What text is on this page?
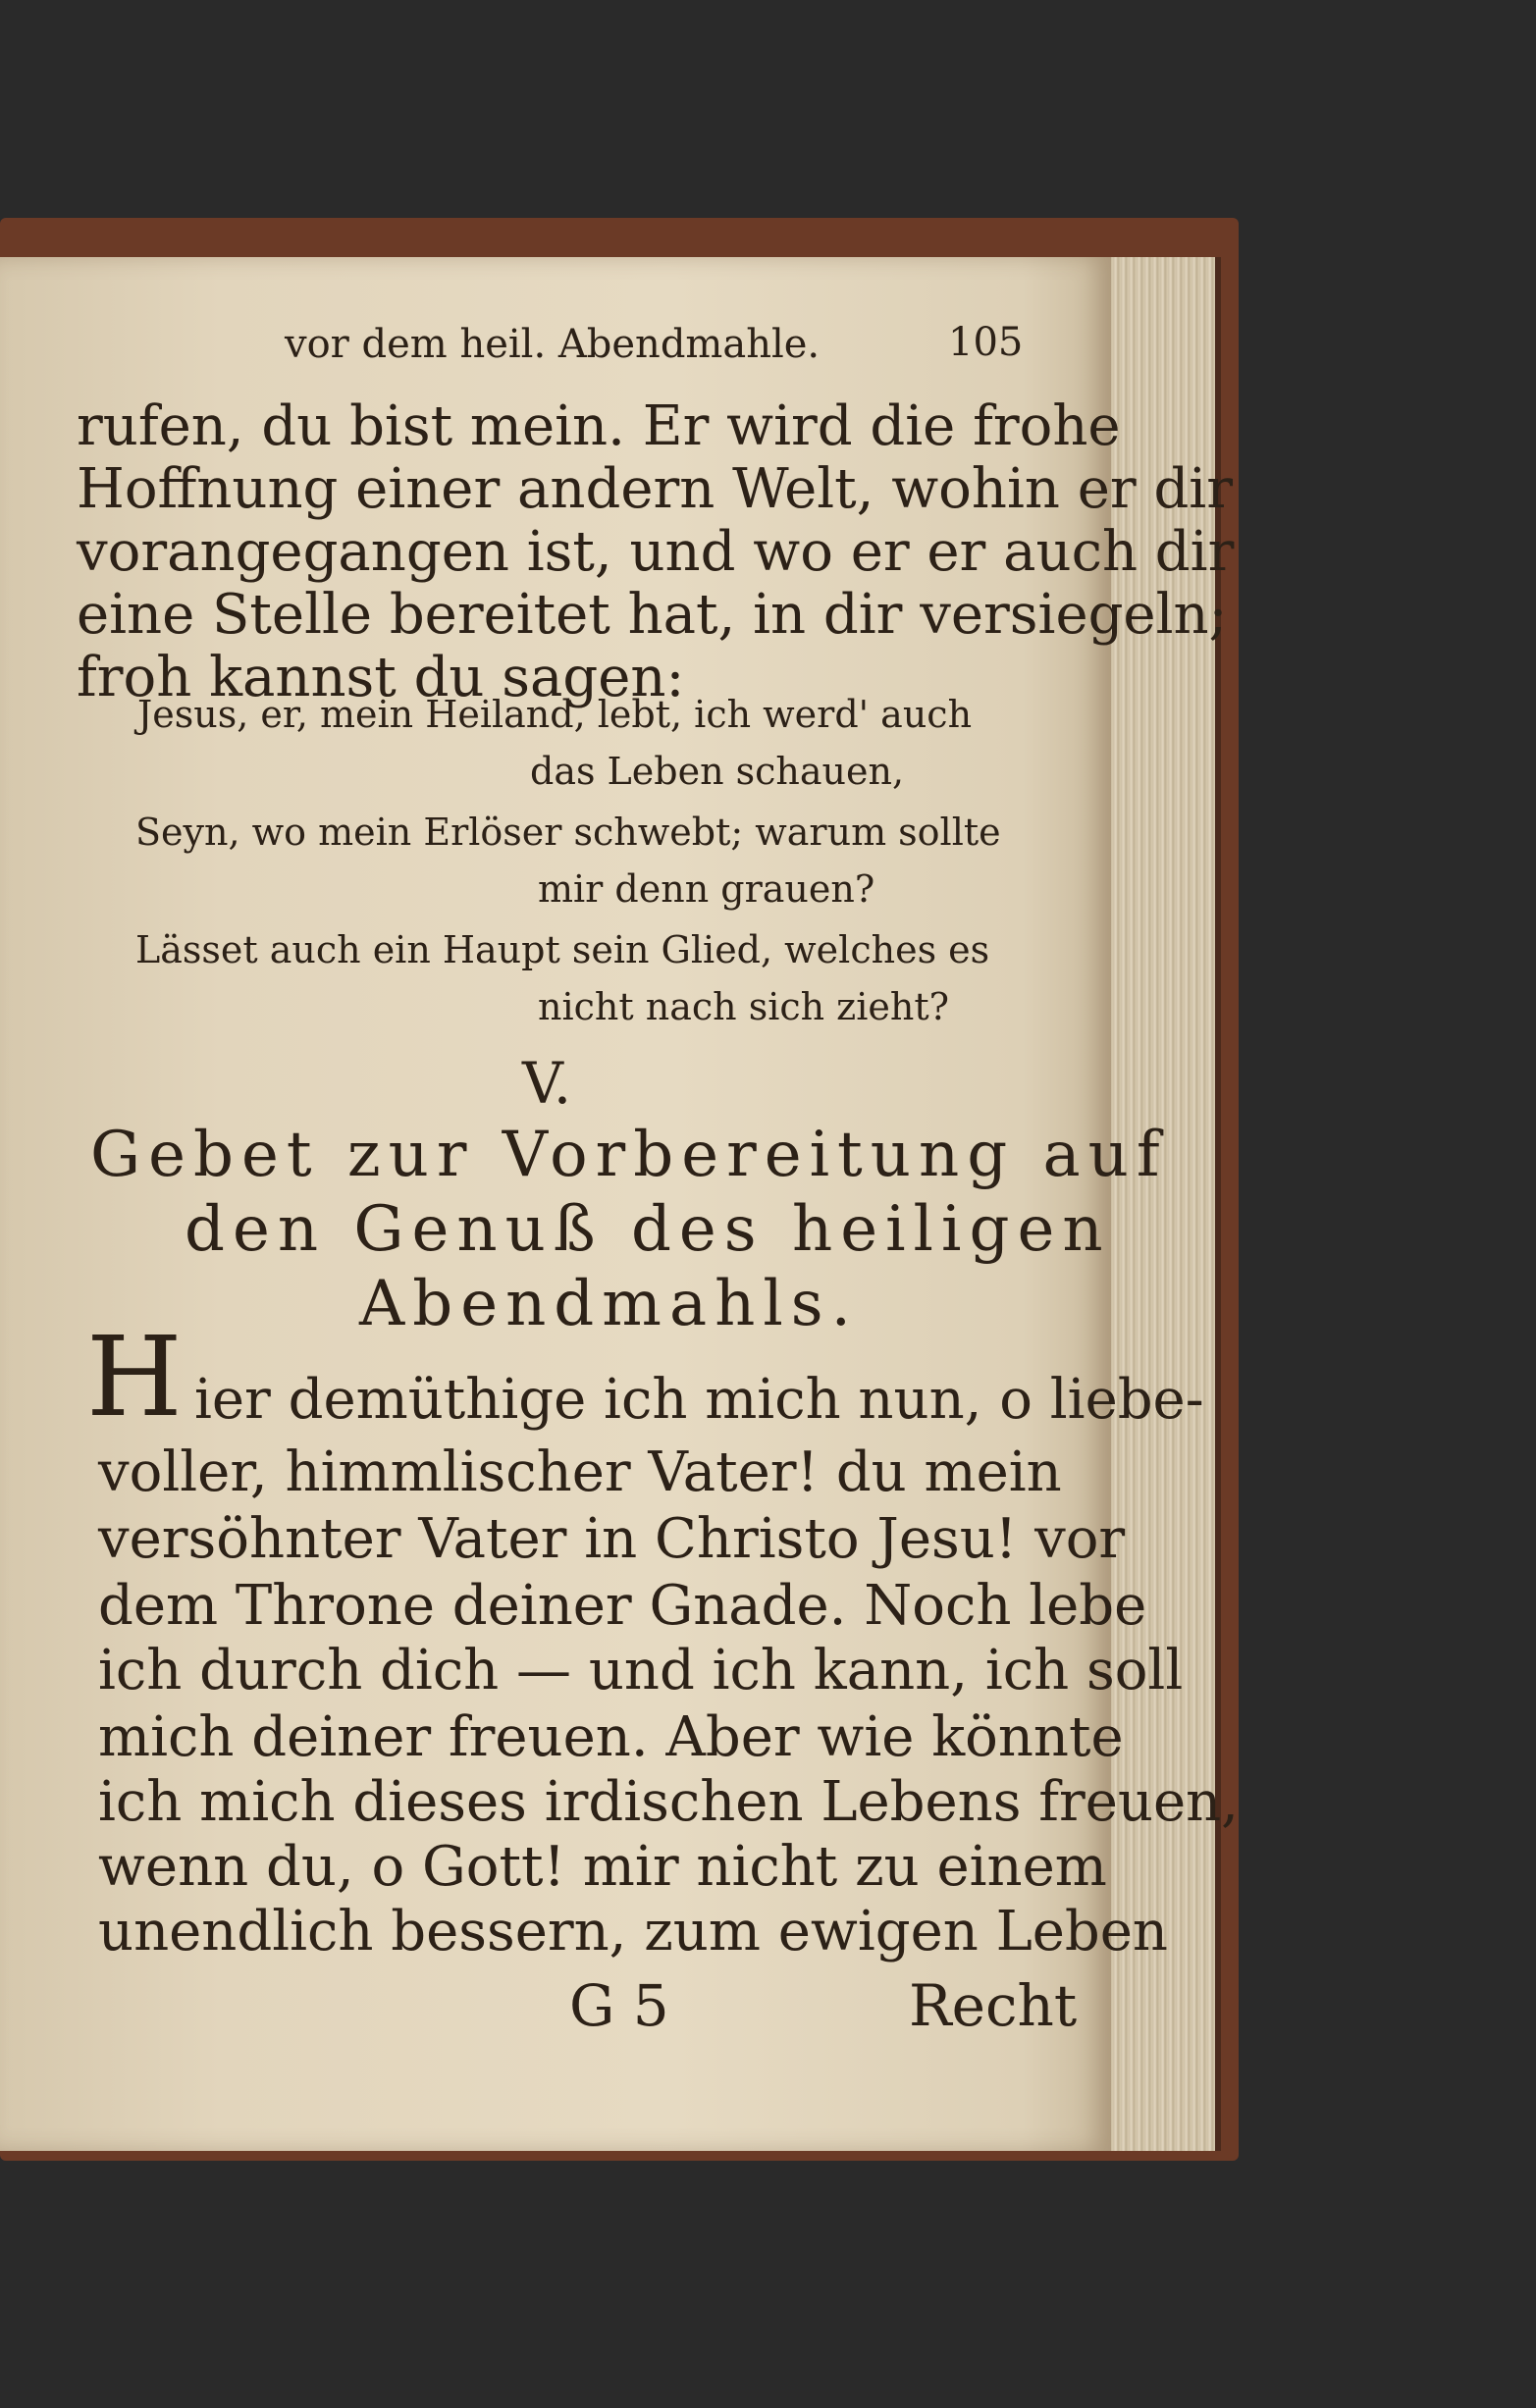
vor dem heil. Abendmahle.	105
rufen, du bist mein. Er wird die frohe
Hoffnung einer andern Welt, wohin er dir
vorangegangen ist, und wo er er auch dir
eine Stelle bereitet hat, in dir versiegeln;
froh kannst du sagen:
Jesus, er, mein Heiland, lebt, ich werd' auch
das Leben schauen,
Seyn, wo mein Erlöser schwebt; warum sollte
mir denn grauen?
Lässet auch ein Haupt sein Glied, welches es
nicht nach sich zieht?
V.
Gebet zur Vorbereitung auf
den Genuß des heiligen
Abendmahls.
H ier demüthige ich mich nun, o liebe-
voller, himmlischer Vater! du mein
versöhnter Vater in Christo Jesu! vor
dem Throne deiner Gnade. Noch lebe
ich durch dich — und ich kann, ich soll
mich deiner freuen. Aber wie könnte
ich mich dieses irdischen Lebens freuen,
wenn du, o Gott! mir nicht zu einem
unendlich bessern, zum ewigen Leben
G 5	Recht
